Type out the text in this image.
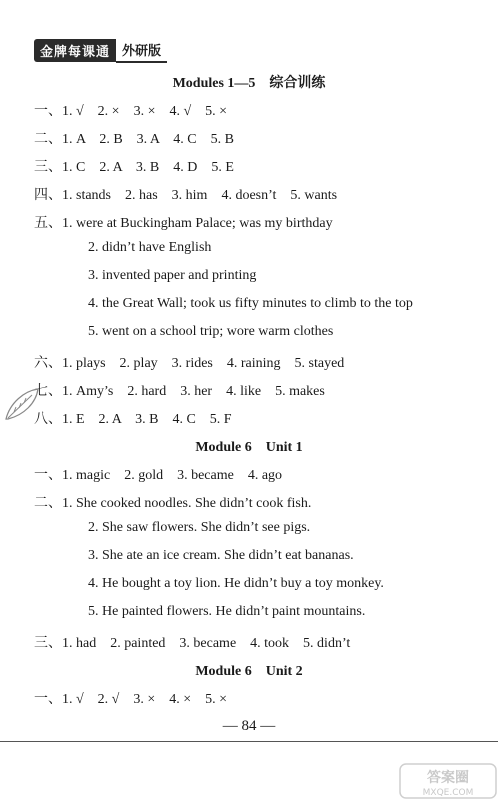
金牌每课通 外研版
Modules 1—5　综合训练
一、1. √　2. ×　3. ×　4. √　5. ×
二、1. A　2. B　3. A　4. C　5. B
三、1. C　2. A　3. B　4. D　5. E
四、1. stands　2. has　3. him　4. doesn’t　5. wants
五、1. were at Buckingham Palace; was my birthday
2. didn’t have English
3. invented paper and printing
4. the Great Wall; took us fifty minutes to climb to the top
5. went on a school trip; wore warm clothes
六、1. plays　2. play　3. rides　4. raining　5. stayed
七、1. Amy’s　2. hard　3. her　4. like　5. makes
八、1. E　2. A　3. B　4. C　5. F
Module 6　Unit 1
一、1. magic　2. gold　3. became　4. ago
二、1. She cooked noodles. She didn’t cook fish.
2. She saw flowers. She didn’t see pigs.
3. She ate an ice cream. She didn’t eat bananas.
4. He bought a toy lion. He didn’t buy a toy monkey.
5. He painted flowers. He didn’t paint mountains.
三、1. had　2. painted　3. became　4. took　5. didn’t
Module 6　Unit 2
一、1. √　2. √　3. ×　4. ×　5. ×
— 84 —
答案圈
MXQE.COM
